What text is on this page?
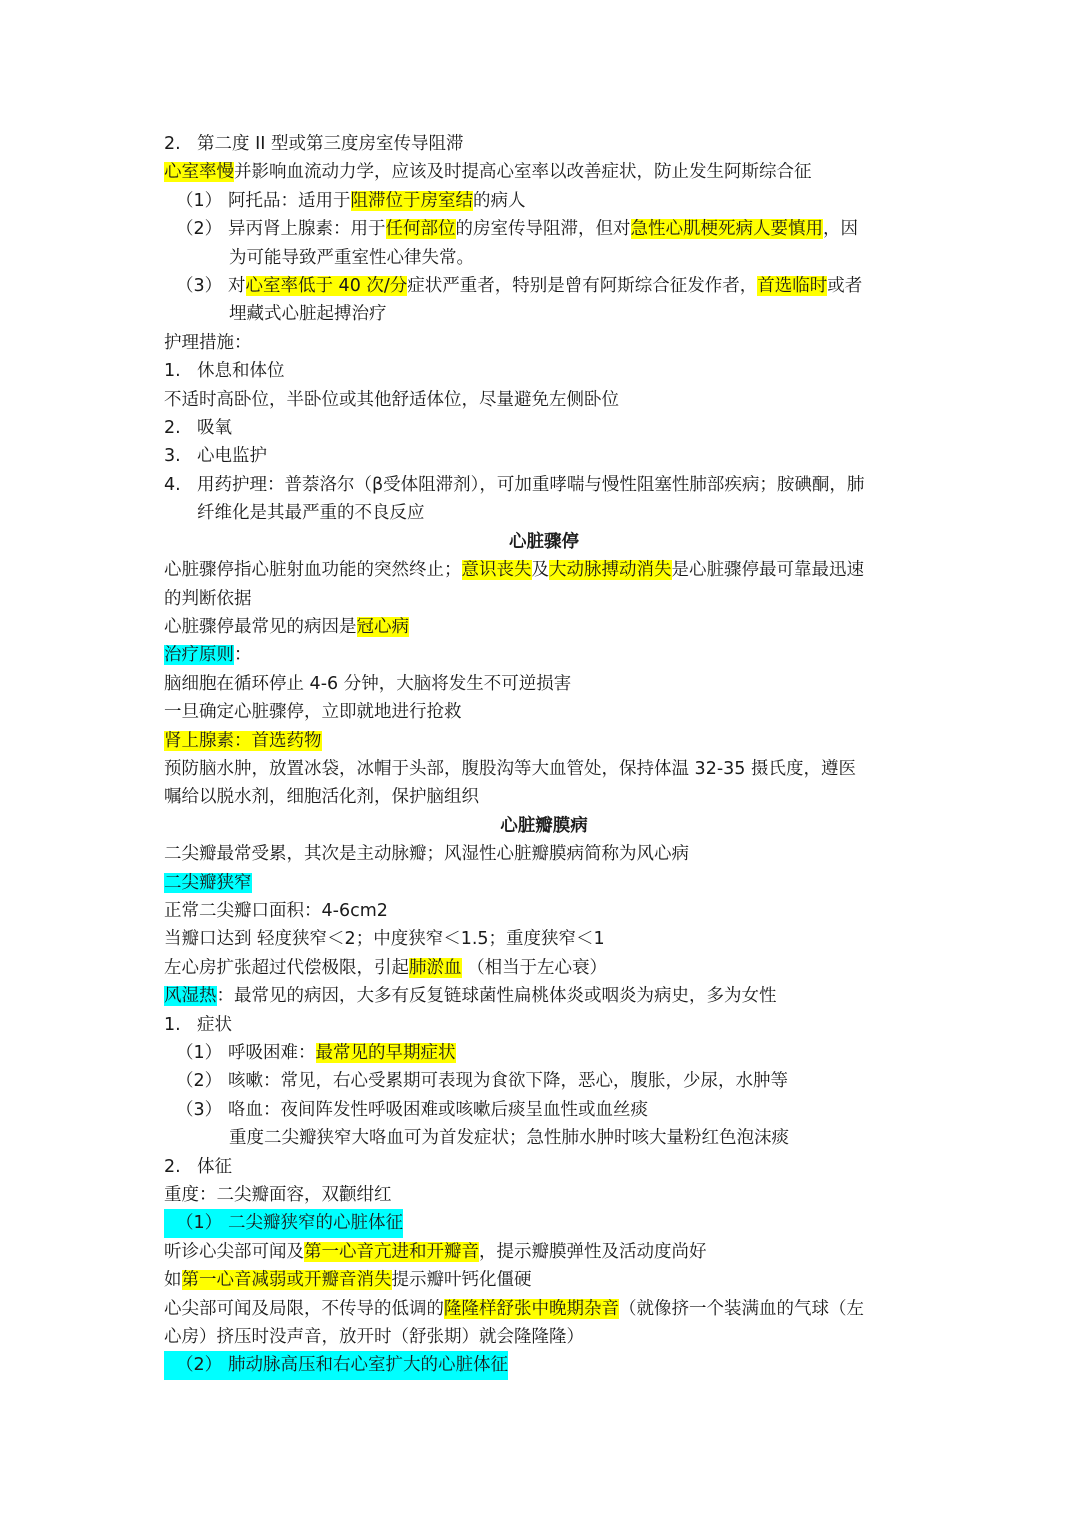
2. 第二度 II 型或第三度房室传导阻滞
心室率慢并影响血流动力学，应该及时提高心室率以改善症状，防止发生阿斯综合征
（1） 阿托品：适用于阻滞位于房室结的病人
（2） 异丙肾上腺素：用于任何部位的房室传导阻滞，但对急性心肌梗死病人要慎用，因
为可能导致严重室性心律失常。
（3） 对心室率低于 40 次/分症状严重者，特别是曾有阿斯综合征发作者，首选临时或者
埋藏式心脏起搏治疗
护理措施：
1. 休息和体位
不适时高卧位，半卧位或其他舒适体位，尽量避免左侧卧位
2. 吸氧
3. 心电监护
4. 用药护理：普萘洛尔（β受体阻滞剂），可加重哮喘与慢性阻塞性肺部疾病；胺碘酮，肺
纤维化是其最严重的不良反应
心脏骤停
心脏骤停指心脏射血功能的突然终止；意识丧失及大动脉搏动消失是心脏骤停最可靠最迅速
的判断依据
心脏骤停最常见的病因是冠心病
治疗原则：
脑细胞在循环停止 4-6 分钟，大脑将发生不可逆损害
一旦确定心脏骤停，立即就地进行抢救
肾上腺素：首选药物
预防脑水肿，放置冰袋，冰帽于头部，腹股沟等大血管处，保持体温 32-35 摄氏度，遵医
嘱给以脱水剂，细胞活化剂，保护脑组织
心脏瓣膜病
二尖瓣最常受累，其次是主动脉瓣；风湿性心脏瓣膜病简称为风心病
二尖瓣狭窄
正常二尖瓣口面积：4-6cm2
当瓣口达到 轻度狭窄＜2；中度狭窄＜1.5；重度狭窄＜1
左心房扩张超过代偿极限，引起肺淤血 （相当于左心衰）
风湿热：最常见的病因，大多有反复链球菌性扁桃体炎或咽炎为病史，多为女性
1. 症状
（1） 呼吸困难：最常见的早期症状
（2） 咳嗽：常见，右心受累期可表现为食欲下降，恶心，腹胀，少尿，水肿等
（3） 咯血：夜间阵发性呼吸困难或咳嗽后痰呈血性或血丝痰
重度二尖瓣狭窄大咯血可为首发症状；急性肺水肿时咳大量粉红色泡沫痰
2. 体征
重度：二尖瓣面容，双颧绀红
（1） 二尖瓣狭窄的心脏体征
听诊心尖部可闻及第一心音亢进和开瓣音，提示瓣膜弹性及活动度尚好
如第一心音减弱或开瓣音消失提示瓣叶钙化僵硬
心尖部可闻及局限，不传导的低调的隆隆样舒张中晚期杂音（就像挤一个装满血的气球（左
心房）挤压时没声音，放开时（舒张期）就会隆隆隆）
（2） 肺动脉高压和右心室扩大的心脏体征
